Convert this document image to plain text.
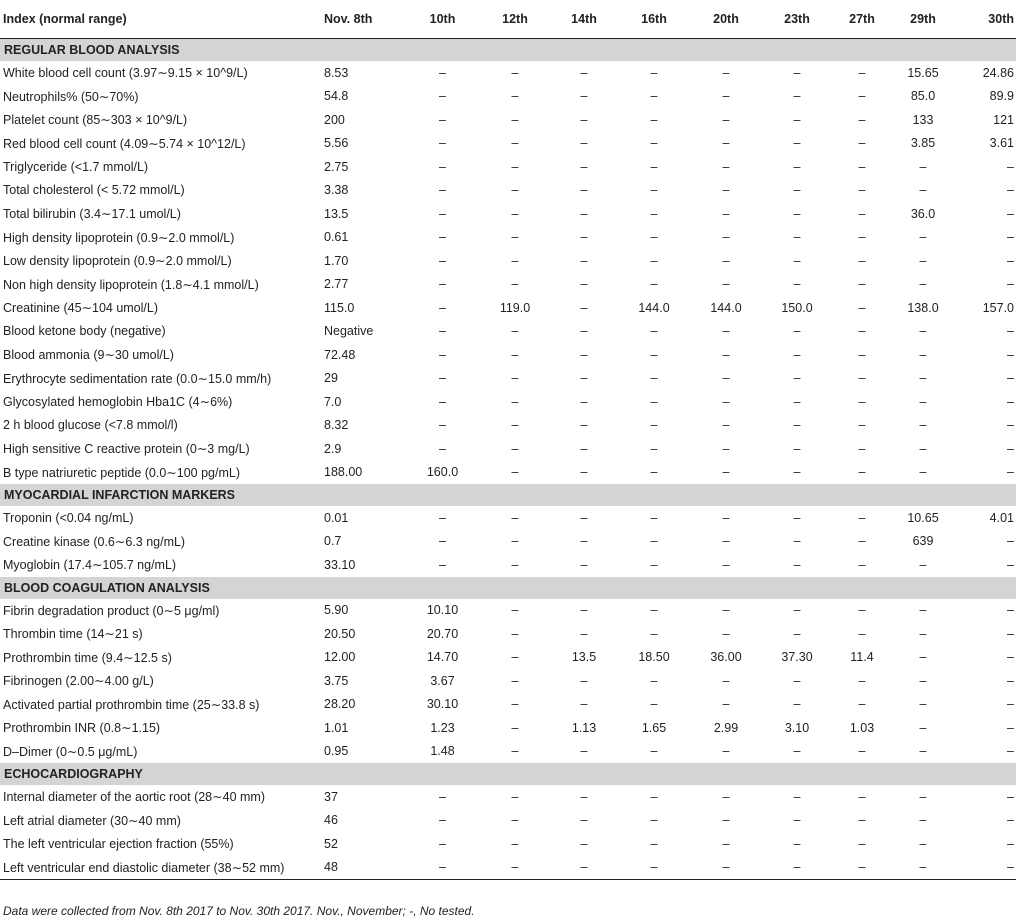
Index (normal range)	Nov. 8th	10th	12th	14th	16th	20th	23th	27th	29th	30th
REGULAR BLOOD ANALYSIS										
White blood cell count (3.97∼9.15 × 10^9/L)	8.53	–	–	–	–	–	–	–	15.65	24.86
Neutrophils% (50∼70%)	54.8	–	–	–	–	–	–	–	85.0	89.9
Platelet count (85∼303 × 10^9/L)	200	–	–	–	–	–	–	–	133	121
Red blood cell count (4.09∼5.74 × 10^12/L)	5.56	–	–	–	–	–	–	–	3.85	3.61
Triglyceride (<1.7 mmol/L)	2.75	–	–	–	–	–	–	–	–	–
Total cholesterol (< 5.72 mmol/L)	3.38	–	–	–	–	–	–	–	–	–
Total bilirubin (3.4∼17.1 umol/L)	13.5	–	–	–	–	–	–	–	36.0	–
High density lipoprotein (0.9∼2.0 mmol/L)	0.61	–	–	–	–	–	–	–	–	–
Low density lipoprotein (0.9∼2.0 mmol/L)	1.70	–	–	–	–	–	–	–	–	–
Non high density lipoprotein (1.8∼4.1 mmol/L)	2.77	–	–	–	–	–	–	–	–	–
Creatinine (45∼104 umol/L)	115.0	–	119.0	–	144.0	144.0	150.0	–	138.0	157.0
Blood ketone body (negative)	Negative	–	–	–	–	–	–	–	–	–
Blood ammonia (9∼30 umol/L)	72.48	–	–	–	–	–	–	–	–	–
Erythrocyte sedimentation rate (0.0∼15.0 mm/h)	29	–	–	–	–	–	–	–	–	–
Glycosylated hemoglobin Hba1C (4∼6%)	7.0	–	–	–	–	–	–	–	–	–
2 h blood glucose (<7.8 mmol/l)	8.32	–	–	–	–	–	–	–	–	–
High sensitive C reactive protein (0∼3 mg/L)	2.9	–	–	–	–	–	–	–	–	–
B type natriuretic peptide (0.0∼100 pg/mL)	188.00	160.0	–	–	–	–	–	–	–	–
MYOCARDIAL INFARCTION MARKERS										
Troponin (<0.04 ng/mL)	0.01	–	–	–	–	–	–	–	10.65	4.01
Creatine kinase (0.6∼6.3 ng/mL)	0.7	–	–	–	–	–	–	–	639	–
Myoglobin (17.4∼105.7 ng/mL)	33.10	–	–	–	–	–	–	–	–	–
BLOOD COAGULATION ANALYSIS										
Fibrin degradation product (0∼5 μg/ml)	5.90	10.10	–	–	–	–	–	–	–	–
Thrombin time (14∼21 s)	20.50	20.70	–	–	–	–	–	–	–	–
Prothrombin time (9.4∼12.5 s)	12.00	14.70	–	13.5	18.50	36.00	37.30	11.4	–	–
Fibrinogen (2.00∼4.00 g/L)	3.75	3.67	–	–	–	–	–	–	–	–
Activated partial prothrombin time (25∼33.8 s)	28.20	30.10	–	–	–	–	–	–	–	–
Prothrombin INR (0.8∼1.15)	1.01	1.23	–	1.13	1.65	2.99	3.10	1.03	–	–
D–Dimer (0∼0.5 μg/mL)	0.95	1.48	–	–	–	–	–	–	–	–
ECHOCARDIOGRAPHY										
Internal diameter of the aortic root (28∼40 mm)	37	–	–	–	–	–	–	–	–	–
Left atrial diameter (30∼40 mm)	46	–	–	–	–	–	–	–	–	–
The left ventricular ejection fraction (55%)	52	–	–	–	–	–	–	–	–	–
Left ventricular end diastolic diameter (38∼52 mm)	48	–	–	–	–	–	–	–	–	–
Data were collected from Nov. 8th 2017 to Nov. 30th 2017. Nov., November; -, No tested.
